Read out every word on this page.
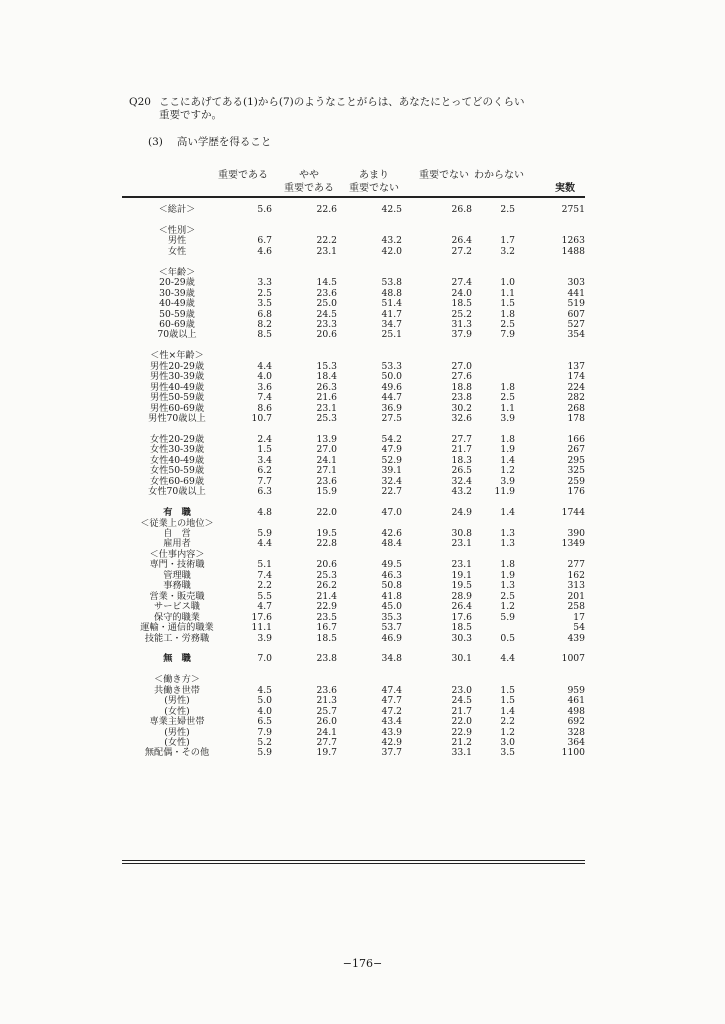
Q20 ここにあげてある(1)から(7)のようなことがらは、あなたにとってどのくらい
重要ですか。
(3) 高い学歴を得ること
重要である	やや
重要である
あまり
重要でない
重要でない わからない
実数
＜総計＞	5.6	22.6	42.5	26.8	2.5	2751

＜性別＞						
男性	6.7	22.2	43.2	26.4	1.7	1263
女性	4.6	23.1	42.0	27.2	3.2	1488

＜年齢＞						
20-29歳	3.3	14.5	53.8	27.4	1.0	303
30-39歳	2.5	23.6	48.8	24.0	1.1	441
40-49歳	3.5	25.0	51.4	18.5	1.5	519
50-59歳	6.8	24.5	41.7	25.2	1.8	607
60-69歳	8.2	23.3	34.7	31.3	2.5	527
70歳以上	8.5	20.6	25.1	37.9	7.9	354

＜性×年齢＞						
男性20-29歳	4.4	15.3	53.3	27.0		137
男性30-39歳	4.0	18.4	50.0	27.6		174
男性40-49歳	3.6	26.3	49.6	18.8	1.8	224
男性50-59歳	7.4	21.6	44.7	23.8	2.5	282
男性60-69歳	8.6	23.1	36.9	30.2	1.1	268
男性70歳以上	10.7	25.3	27.5	32.6	3.9	178

女性20-29歳	2.4	13.9	54.2	27.7	1.8	166
女性30-39歳	1.5	27.0	47.9	21.7	1.9	267
女性40-49歳	3.4	24.1	52.9	18.3	1.4	295
女性50-59歳	6.2	27.1	39.1	26.5	1.2	325
女性60-69歳	7.7	23.6	32.4	32.4	3.9	259
女性70歳以上	6.3	15.9	22.7	43.2	11.9	176

有　職	4.8	22.0	47.0	24.9	1.4	1744
＜従業上の地位＞						
自　営	5.9	19.5	42.6	30.8	1.3	390
雇用者	4.4	22.8	48.4	23.1	1.3	1349
＜仕事内容＞						
専門・技術職	5.1	20.6	49.5	23.1	1.8	277
管理職	7.4	25.3	46.3	19.1	1.9	162
事務職	2.2	26.2	50.8	19.5	1.3	313
営業・販売職	5.5	21.4	41.8	28.9	2.5	201
サービス職	4.7	22.9	45.0	26.4	1.2	258
保守的職業	17.6	23.5	35.3	17.6	5.9	17
運輸・通信的職業	11.1	16.7	53.7	18.5		54
技能工・労務職	3.9	18.5	46.9	30.3	0.5	439

無　職	7.0	23.8	34.8	30.1	4.4	1007

＜働き方＞						
共働き世帯	4.5	23.6	47.4	23.0	1.5	959
(男性)	5.0	21.3	47.7	24.5	1.5	461
(女性)	4.0	25.7	47.2	21.7	1.4	498
専業主婦世帯	6.5	26.0	43.4	22.0	2.2	692
(男性)	7.9	24.1	43.9	22.9	1.2	328
(女性)	5.2	27.7	42.9	21.2	3.0	364
無配偶・その他	5.9	19.7	37.7	33.1	3.5	1100
−176−
